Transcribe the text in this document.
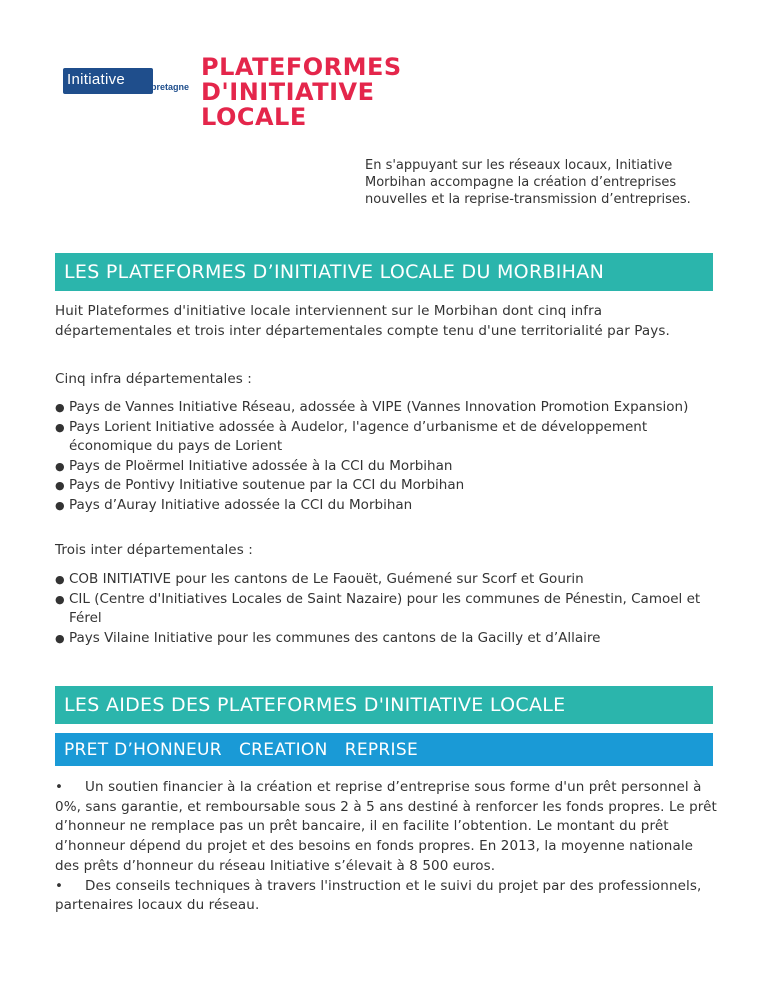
Initiative	bretagne
PLATEFORMES
D'INITIATIVE
LOCALE

En s'appuyant sur les réseaux locaux, Initiative Morbihan accompagne la création d’entreprises nouvelles et la reprise-transmission d’entreprises.

LES PLATEFORMES D’INITIATIVE LOCALE DU MORBIHAN

Huit Plateformes d'initiative locale interviennent sur le Morbihan dont cinq infra départementales et trois inter départementales compte tenu d'une territorialité par Pays.

Cinq infra départementales :

● Pays de Vannes Initiative Réseau, adossée à VIPE (Vannes Innovation Promotion Expansion)
● Pays Lorient Initiative adossée à Audelor, l'agence d’urbanisme et de développement économique du pays de Lorient
● Pays de Ploërmel Initiative adossée à la CCI du Morbihan
● Pays de Pontivy Initiative soutenue par la CCI du Morbihan
● Pays d’Auray Initiative adossée la CCI du Morbihan

Trois inter départementales :

● COB INITIATIVE pour les cantons de Le Faouët, Guémené sur Scorf et Gourin
● CIL (Centre d'Initiatives Locales de Saint Nazaire) pour les communes de Pénestin, Camoel et Férel
● Pays Vilaine Initiative pour les communes des cantons de la Gacilly et d’Allaire
LES AIDES DES PLATEFORMES D'INITIATIVE LOCALE
PRET D’HONNEUR   CREATION   REPRISE

• Un soutien financier à la création et reprise d’entreprise sous forme d'un prêt personnel à 0%, sans garantie, et remboursable sous 2 à 5 ans destiné à renforcer les fonds propres. Le prêt d’honneur ne remplace pas un prêt bancaire, il en facilite l’obtention. Le montant du prêt d’honneur dépend du projet et des besoins en fonds propres. En 2013, la moyenne nationale des prêts d’honneur du réseau Initiative s’élevait à 8 500 euros.

• Des conseils techniques à travers l'instruction et le suivi du projet par des professionnels, partenaires locaux du réseau.
